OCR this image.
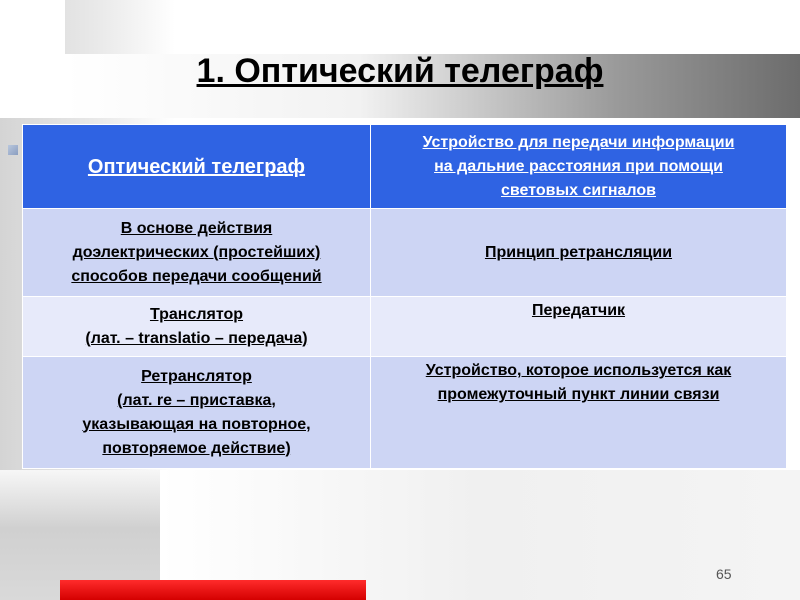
1. Оптический телеграф
Оптический телеграф	Устройство для передачи информации
на дальние расстояния при помощи
световых сигналов

В основе действия
доэлектрических (простейших)
способов передачи сообщений	Принцип ретрансляции

Транслятор
(лат. – translatio – передача)	Передатчик

Ретранслятор
(лат. re – приставка,
указывающая на повторное,
повторяемое действие)	Устройство, которое используется как
промежуточный пункт линии связи
65
